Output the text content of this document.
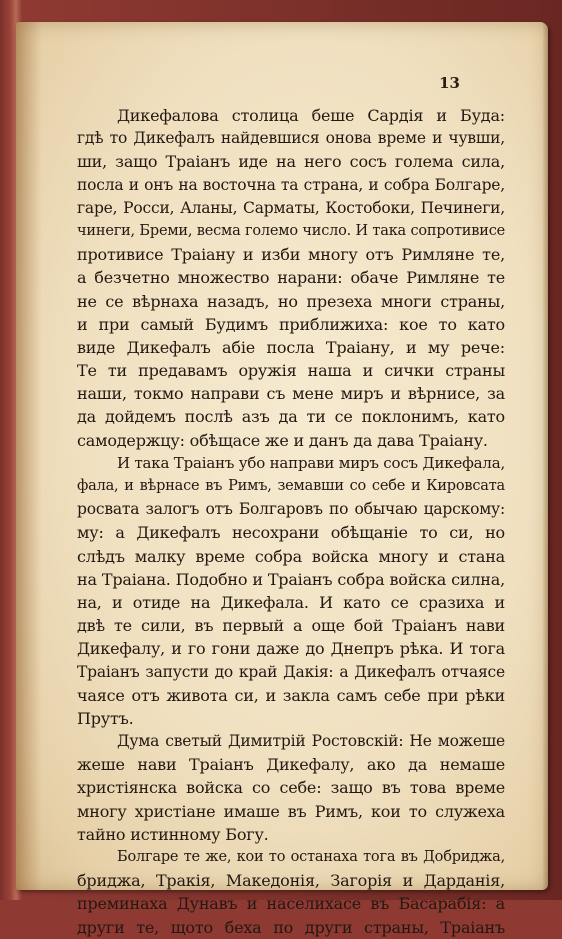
13
Дикефалова столица беше Сардія и Буда:
гдѣ то Дикефалъ найдевшися онова време и чувши,
ши, защо Траіанъ иде на него сосъ голема сила,
посла и онъ на восточна та страна, и собра Болгаре,
гаре, Росси, Аланы, Сарматы, Костобоки, Печинеги,
чинеги, Бреми, весма големо число. И така сопротивисе
противисе Траіану и изби многу отъ Римляне те,
а безчетно множество нарани: обаче Римляне те
не се вѣрнаха назадъ, но презеха многи страны,
и при самый Будимъ приближиха: кое то като
виде Дикефалъ абіе посла Траіану, и му рече:
Те ти предавамъ оружія наша и сички страны
наши, токмо направи съ мене миръ и вѣрнисе, за
да дойдемъ послѣ азъ да ти се поклонимъ, като
самодержцу: обѣщасе же и данъ да дава Траіану.
И така Траіанъ убо направи миръ сосъ Дикефала,
фала, и вѣрнасе въ Римъ, земавши со себе и Кировсата
росвата залогъ отъ Болгаровъ по обычаю царскому:
му: а Дикефалъ несохрани обѣщаніе то си, но
слѣдъ малку време собра войска многу и стана
на Траіана. Подобно и Траіанъ собра войска силна,
на, и отиде на Дикефала. И като се сразиха и
двѣ те сили, въ первый а още бой Траіанъ нави
Дикефалу, и го гони даже до Днепръ рѣка. И тога
Траіанъ запусти до край Дакія: а Дикефалъ отчаясе
чаясе отъ живота си, и закла самъ себе при рѣки
Прутъ.
Дума светый Димитрій Ростовскій: Не можеше
жеше нави Траіанъ Дикефалу, ако да немаше
христіянска войска со себе: защо въ това време
многу христіане имаше въ Римъ, кои то служеха
тайно истинному Богу.
Болгаре те же, кои то останаха тога въ Добриджа,
бриджа, Тракія, Македонія, Загорія и Дарданія,
преминаха Дунавъ и населихасе въ Басарабія: а
други те, щото беха по други страны, Траіанъ
